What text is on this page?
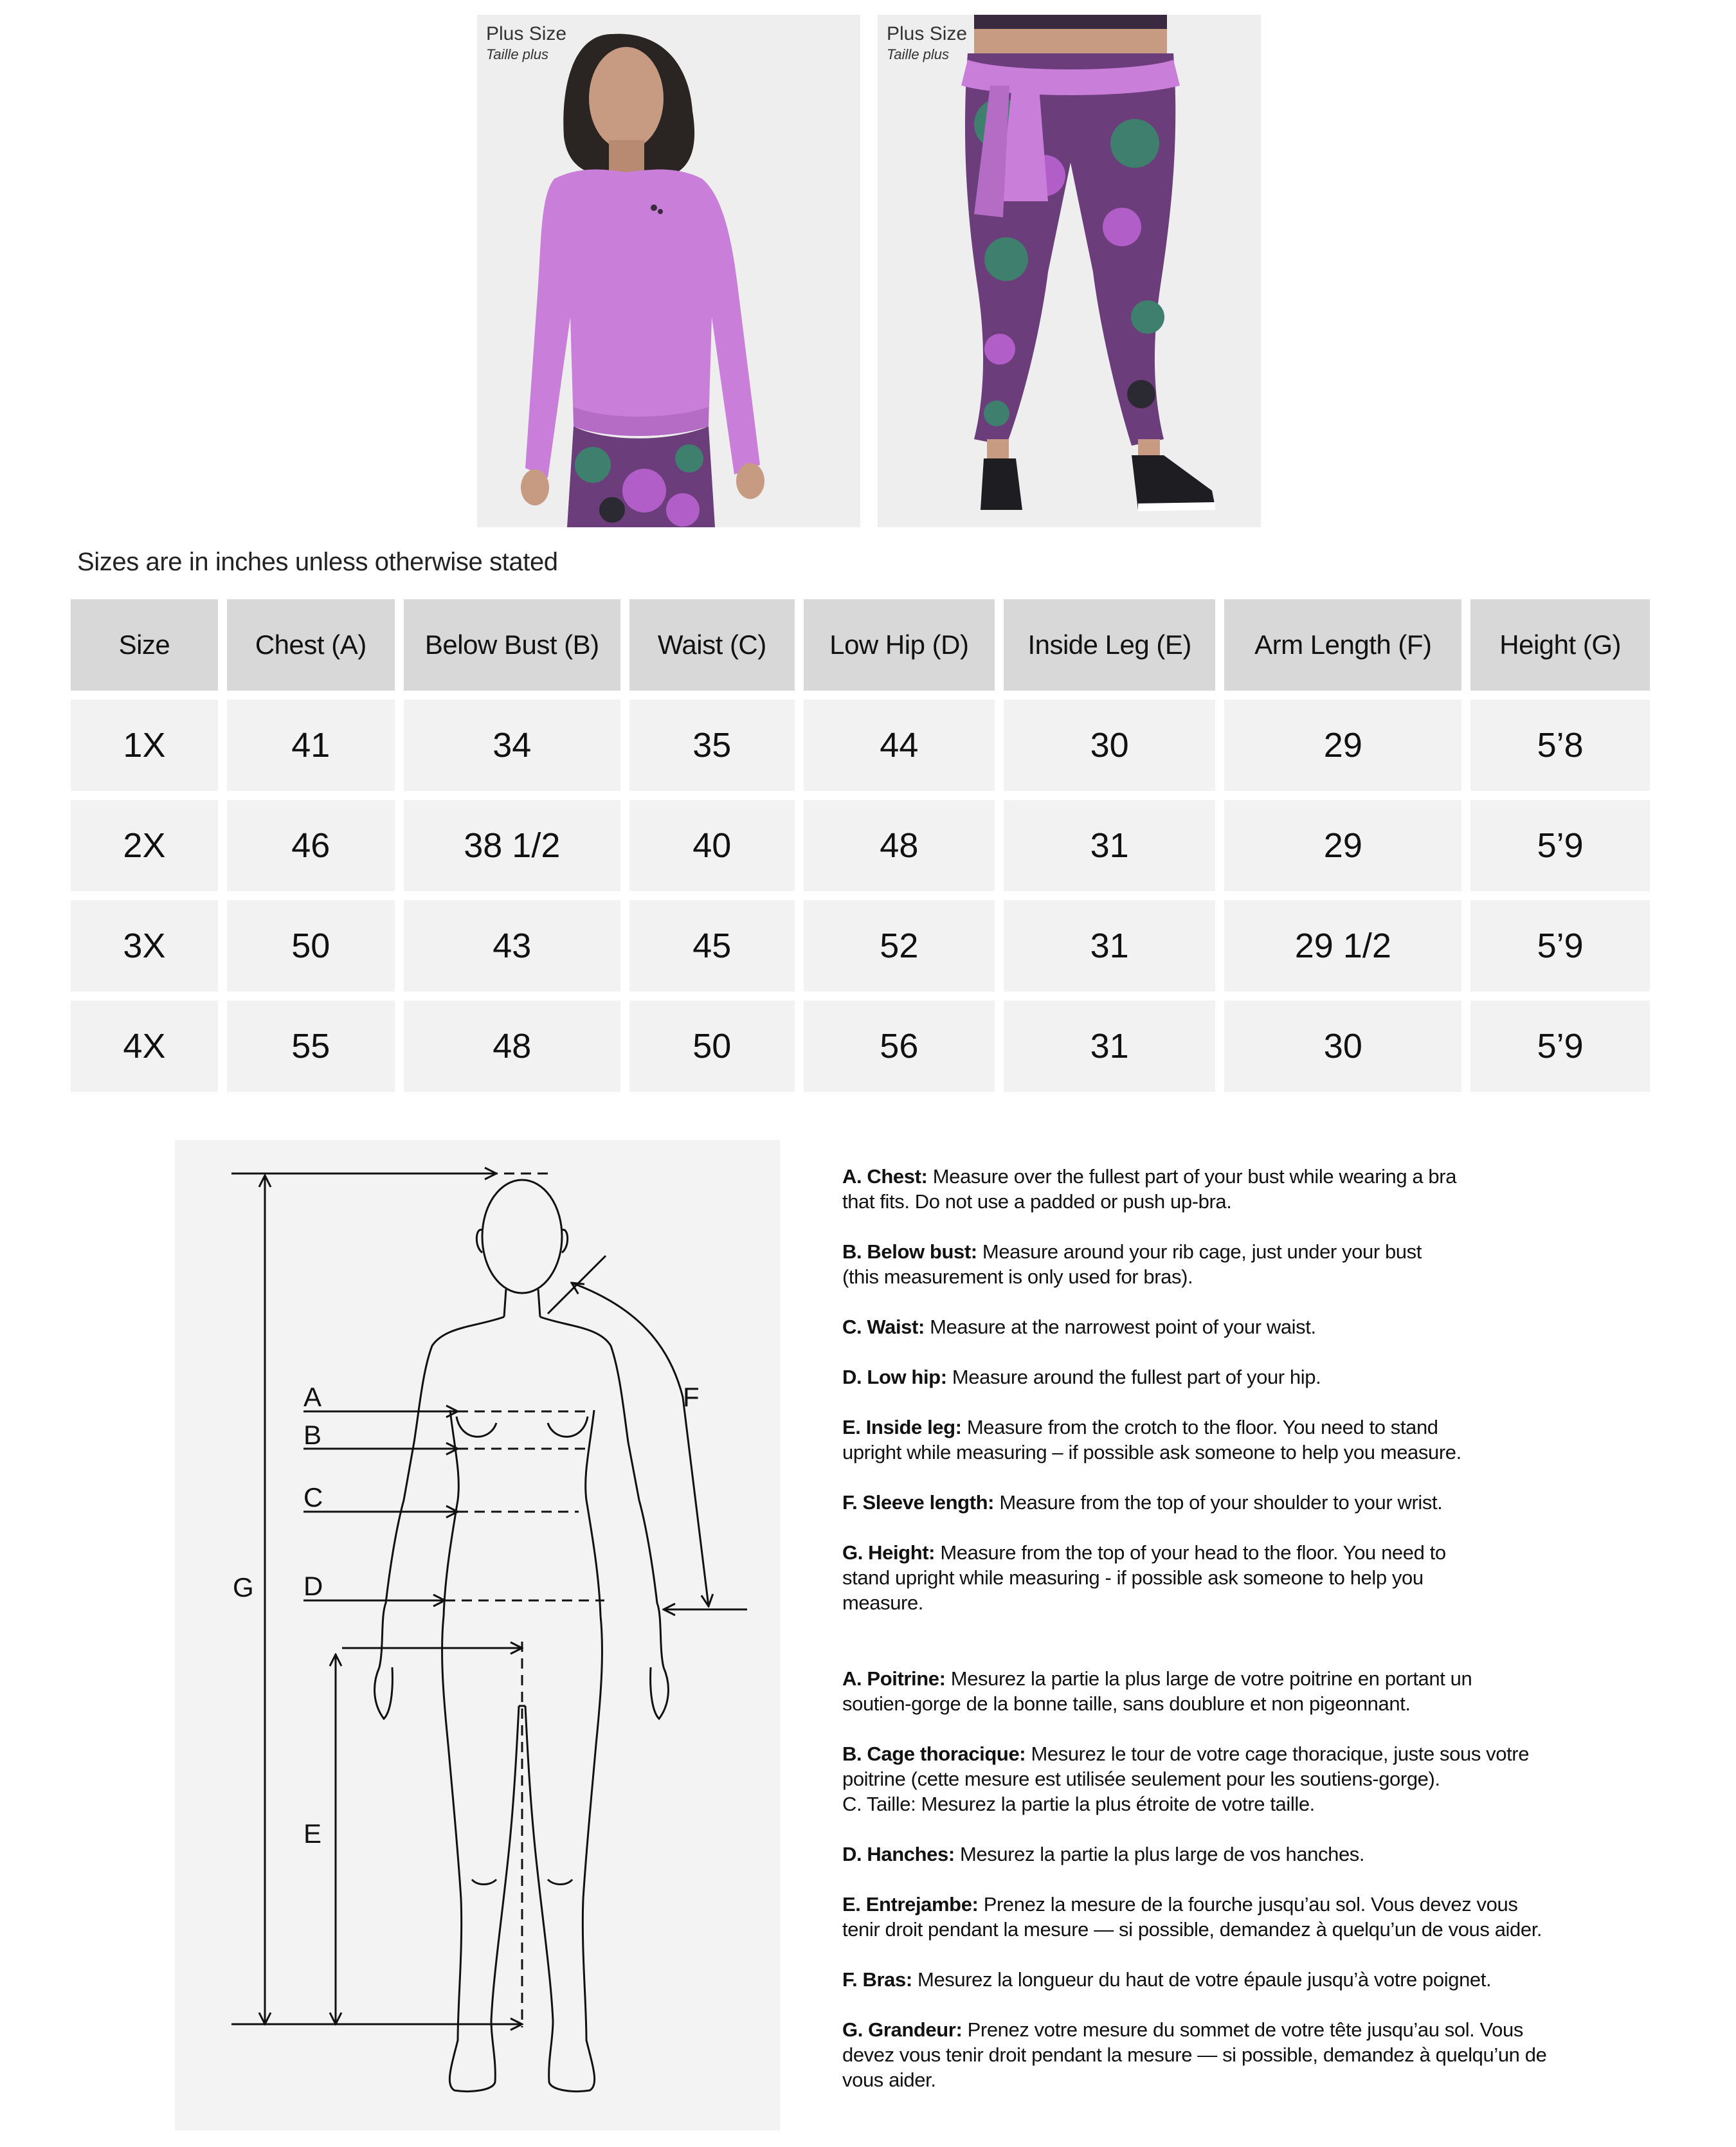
Plus Size
Taille plus
Plus Size
Taille plus
Sizes are in inches unless otherwise stated
Size	Chest (A)	Below Bust (B)	Waist (C)	Low Hip (D)	Inside Leg (E)	Arm Length (F)	Height (G)
1X	41	34	35	44	30	29	5’8
2X	46	38 1/2	40	48	31	29	5’9
3X	50	43	45	52	31	29 1/2	5’9
4X	55	48	50	56	31	30	5’9
A
B
C
D
E
F
G

A. Chest: Measure over the fullest part of your bust while wearing a bra
that fits. Do not use a padded or push up-bra.

B. Below bust: Measure around your rib cage, just under your bust
(this measurement is only used for bras).

C. Waist: Measure at the narrowest point of your waist.

D. Low hip: Measure around the fullest part of your hip.

E. Inside leg: Measure from the crotch to the floor. You need to stand
upright while measuring – if possible ask someone to help you measure.

F. Sleeve length: Measure from the top of your shoulder to your wrist.

G. Height: Measure from the top of your head to the floor. You need to
stand upright while measuring - if possible ask someone to help you
measure.

A. Poitrine: Mesurez la partie la plus large de votre poitrine en portant un
soutien-gorge de la bonne taille, sans doublure et non pigeonnant.

B. Cage thoracique: Mesurez le tour de votre cage thoracique, juste sous votre
poitrine (cette mesure est utilisée seulement pour les soutiens-gorge).
C. Taille: Mesurez la partie la plus étroite de votre taille.

D. Hanches: Mesurez la partie la plus large de vos hanches.

E. Entrejambe: Prenez la mesure de la fourche jusqu’au sol. Vous devez vous
tenir droit pendant la mesure — si possible, demandez à quelqu’un de vous aider.

F. Bras: Mesurez la longueur du haut de votre épaule jusqu’à votre poignet.

G. Grandeur: Prenez votre mesure du sommet de votre tête jusqu’au sol. Vous
devez vous tenir droit pendant la mesure — si possible, demandez à quelqu’un de
vous aider.
